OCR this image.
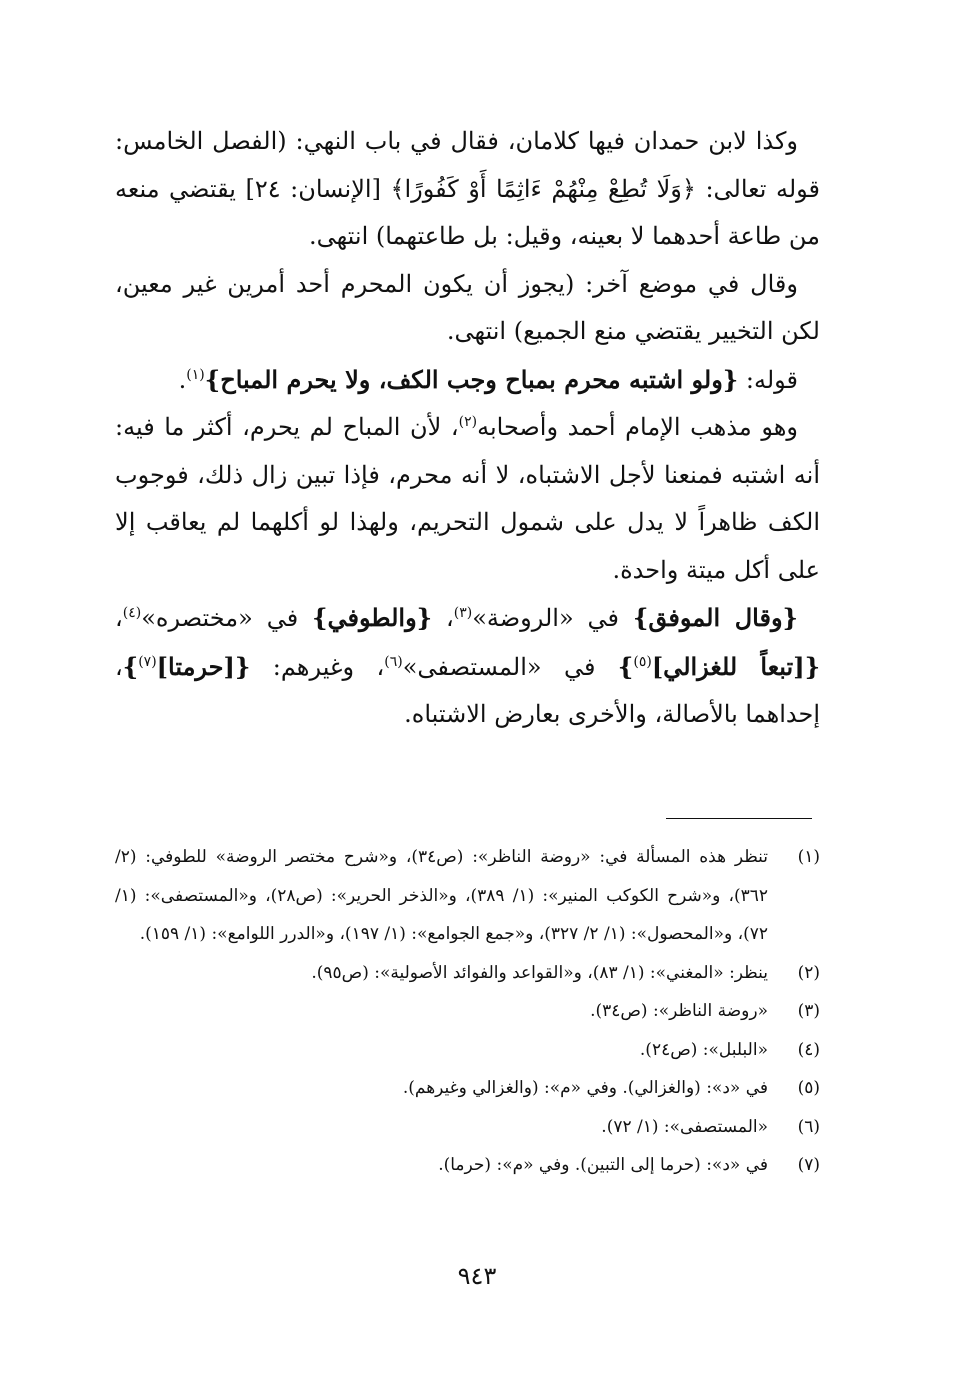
وكذا لابن حمدان فيها كلامان، فقال في باب النهي: (الفصل الخامس: قوله تعالى: ﴿وَلَا تُطِعْ مِنْهُمْ ءَاثِمًا أَوْ كَفُورًا﴾ [الإنسان: ٢٤] يقتضي منعه من طاعة أحدهما لا بعينه، وقيل: بل طاعتهما) انتهى.

وقال في موضع آخر: (يجوز أن يكون المحرم أحد أمرين غير معين، لكن التخيير يقتضي منع الجميع) انتهى.

قوله: {ولو اشتبه محرم بمباح وجب الكف، ولا يحرم المباح}$^{(١)}$.

وهو مذهب الإمام أحمد وأصحابه$^{(٢)}$، لأن المباح لم يحرم، أكثر ما فيه: أنه اشتبه فمنعنا لأجل الاشتباه، لا أنه محرم، فإذا تبين زال ذلك، فوجوب الكف ظاهراً لا يدل على شمول التحريم، ولهذا لو أكلهما لم يعاقب إلا على أكل ميتة واحدة.

{وقال الموفق} في «الروضة»$^{(٣)}$، {والطوفي} في «مختصره»$^{(٤)}$، {[تبعاً للغزالي]$^{(٥)}$} في «المستصفى»$^{(٦)}$، وغيرهم: {[حرمتا]$^{(٧)}$}، إحداهما بالأصالة، والأخرى بعارض الاشتباه.

(١)
تنظر هذه المسألة في: «روضة الناظر»: (ص٣٤)، و«شرح مختصر الروضة» للطوفي: (٢/ ٣٦٢)، و«شرح الكوكب المنير»: (١/ ٣٨٩)، و«الذخر الحرير»: (ص٢٨)، و«المستصفى»: (١/ ٧٢)، و«المحصول»: (١/ ٢/ ٣٢٧)، و«جمع الجوامع»: (١/ ١٩٧)، و«الدرر اللوامع»: (١/ ١٥٩).
(٢)
ينظر: «المغني»: (١/ ٨٣)، و«القواعد والفوائد الأصولية»: (ص٩٥).
(٣)
«روضة الناظر»: (ص٣٤).
(٤)
«البلبل»: (ص٢٤).
(٥)
في «د»: (والغزالي). وفي «م»: (والغزالي وغيرهم).
(٦)
«المستصفى»: (١/ ٧٢).
(٧)
في «د»: (حرما إلى التبين). وفي «م»: (حرما).
٩٤٣
